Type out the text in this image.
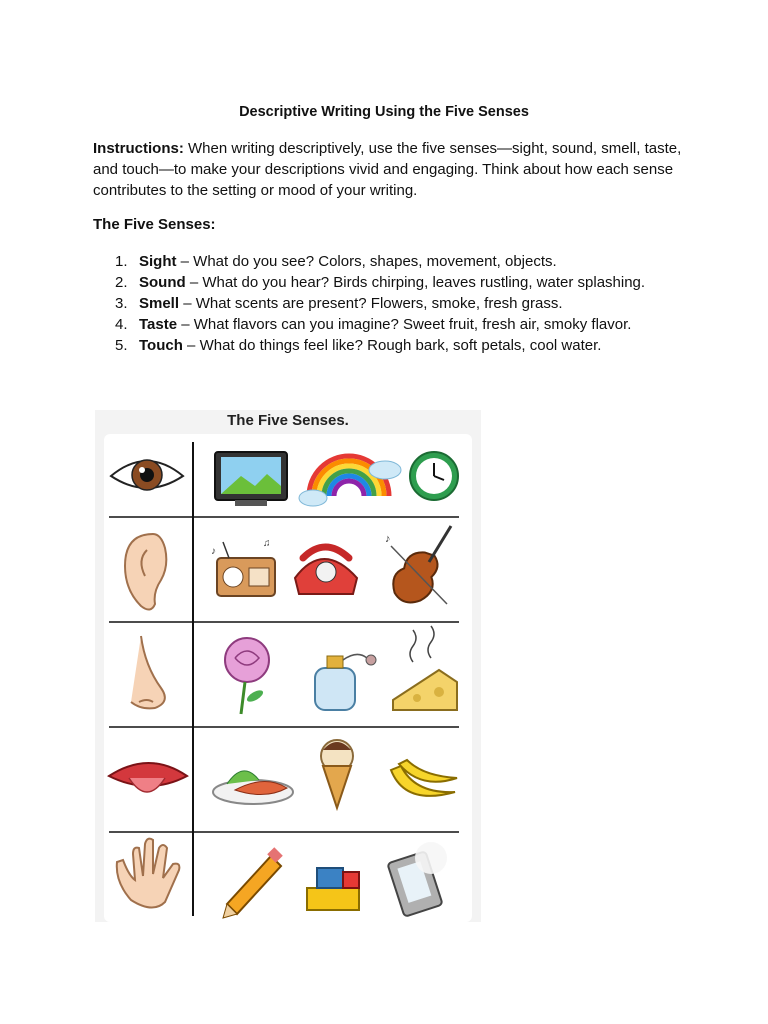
Descriptive Writing Using the Five Senses
Instructions: When writing descriptively, use the five senses—sight, sound, smell, taste, and touch—to make your descriptions vivid and engaging. Think about how each sense contributes to the setting or mood of your writing.
The Five Senses:
1. Sight – What do you see? Colors, shapes, movement, objects.
2. Sound – What do you hear? Birds chirping, leaves rustling, water splashing.
3. Smell – What scents are present? Flowers, smoke, fresh grass.
4. Taste – What flavors can you imagine? Sweet fruit, fresh air, smoky flavor.
5. Touch – What do things feel like? Rough bark, soft petals, cool water.
The Five Senses.
♪
♫	♪
